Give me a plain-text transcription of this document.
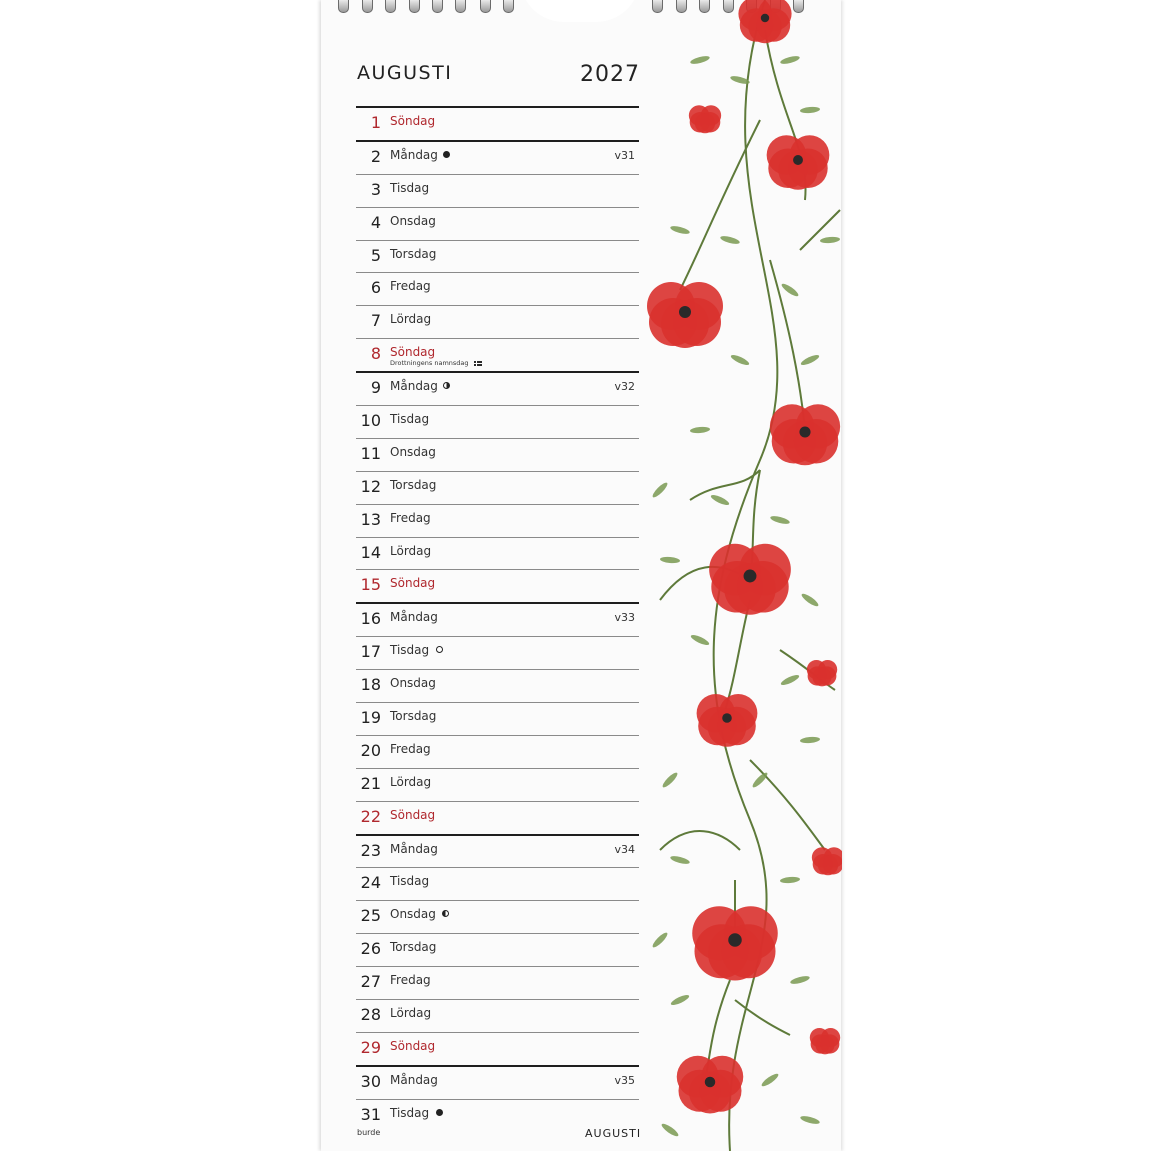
AUGUSTI	2027
1 Söndag
2 Måndag	v31
3 Tisdag
4 Onsdag
5 Torsdag
6 Fredag
7 Lördag
8 Söndag
Drottningens namnsdag
9 Måndag	v32
10 Tisdag
11 Onsdag
12 Torsdag
13 Fredag
14 Lördag
15 Söndag
16 Måndag	v33
17 Tisdag
18 Onsdag
19 Torsdag
20 Fredag
21 Lördag
22 Söndag
23 Måndag	v34
24 Tisdag
25 Onsdag
26 Torsdag
27 Fredag
28 Lördag
29 Söndag
30 Måndag	v35
31 Tisdag
burde	AUGUSTI
